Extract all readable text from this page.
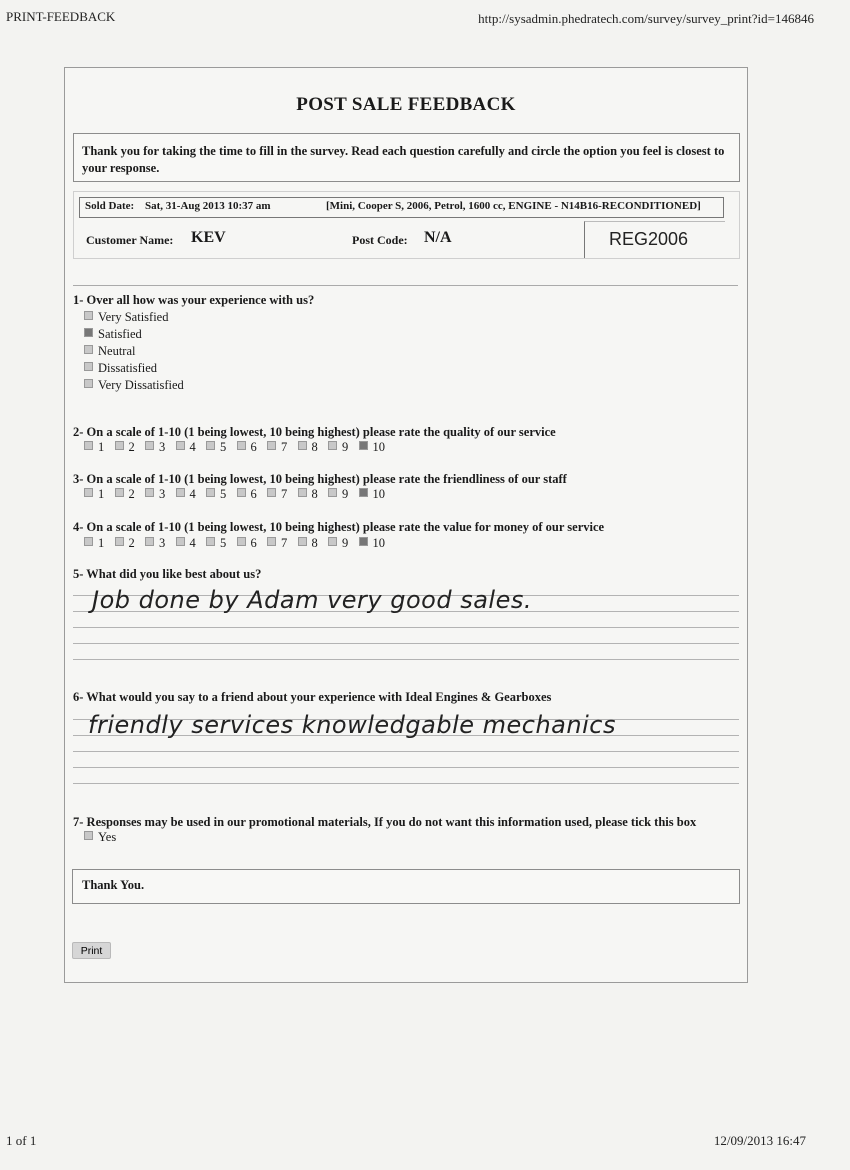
PRINT-FEEDBACK	http://sysadmin.phedratech.com/survey/survey_print?id=146846
POST SALE FEEDBACK
Thank you for taking the time to fill in the survey. Read each question carefully and circle the option you feel is closest to your response.
Sold Date: Sat, 31-Aug 2013 10:37 am	[Mini, Cooper S, 2006, Petrol, 1600 cc, ENGINE - N14B16-RECONDITIONED]
Customer Name: KEV	Post Code: N/A	REG2006
1- Over all how was your experience with us?
Very Satisfied
Satisfied
Neutral
Dissatisfied
Very Dissatisfied
2- On a scale of 1-10 (1 being lowest, 10 being highest) please rate the quality of our service
1 2 3 4 5 6 7 8 9 10
3- On a scale of 1-10 (1 being lowest, 10 being highest) please rate the friendliness of our staff
1 2 3 4 5 6 7 8 9 10
4- On a scale of 1-10 (1 being lowest, 10 being highest) please rate the value for money of our service
1 2 3 4 5 6 7 8 9 10
5- What did you like best about us?
Job done by Adam very good sales.
6- What would you say to a friend about your experience with Ideal Engines & Gearboxes
friendly services knowledgable mechanics
7- Responses may be used in our promotional materials, If you do not want this information used, please tick this box
Yes
Thank You.
Print
1 of 1	12/09/2013 16:47
